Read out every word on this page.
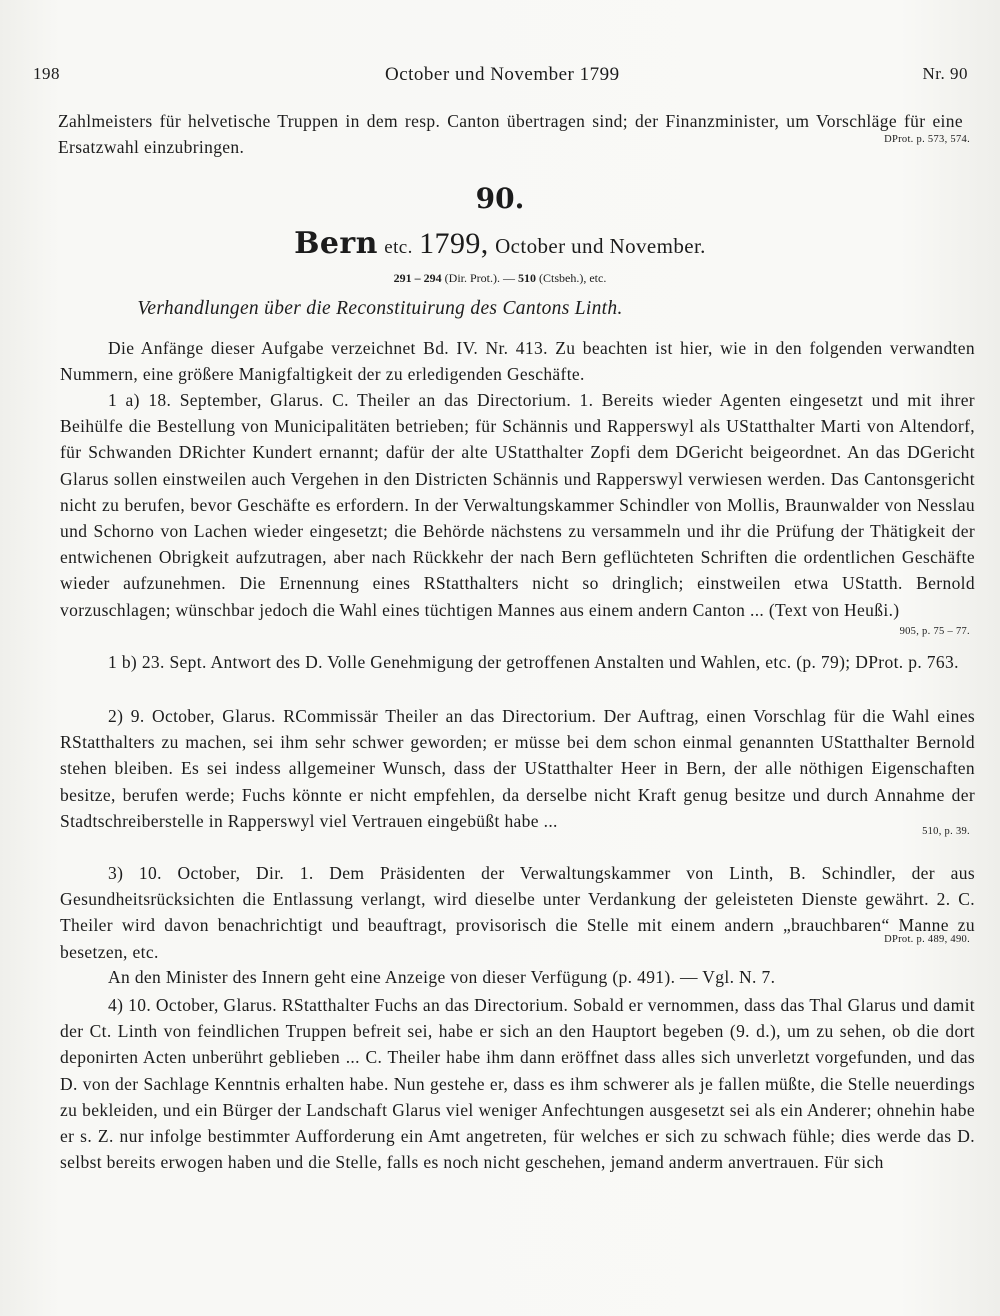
198	October und November 1799	Nr. 90

Zahlmeisters für helvetische Truppen in dem resp. Canton übertragen sind; der Finanzminister, um Vorschläge für eine Ersatzwahl einzubringen.	DProt. p. 573, 574.
90.
Bern etc. 1799, October und November.
291 – 294 (Dir. Prot.). — 510 (Ctsbeh.), etc.
Verhandlungen über die Reconstituirung des Cantons Linth.

Die Anfänge dieser Aufgabe verzeichnet Bd. IV. Nr. 413. Zu beachten ist hier, wie in den folgenden verwandten Nummern, eine größere Manigfaltigkeit der zu erledigenden Geschäfte.

1 a) 18. September, Glarus. C. Theiler an das Directorium. 1. Bereits wieder Agenten eingesetzt und mit ihrer Beihülfe die Bestellung von Municipalitäten betrieben; für Schännis und Rapperswyl als UStatthalter Marti von Altendorf, für Schwanden DRichter Kundert ernannt; dafür der alte UStatthalter Zopfi dem DGericht beigeordnet. An das DGericht Glarus sollen einstweilen auch Vergehen in den Districten Schännis und Rapperswyl verwiesen werden. Das Cantonsgericht nicht zu berufen, bevor Geschäfte es erfordern. In der Verwaltungskammer Schindler von Mollis, Braunwalder von Nesslau und Schorno von Lachen wieder eingesetzt; die Behörde nächstens zu versammeln und ihr die Prüfung der Thätigkeit der entwichenen Obrigkeit aufzutragen, aber nach Rückkehr der nach Bern geflüchteten Schriften die ordentlichen Geschäfte wieder aufzunehmen. Die Ernennung eines RStatthalters nicht so dringlich; einstweilen etwa UStatth. Bernold vorzuschlagen; wünschbar jedoch die Wahl eines tüchtigen Mannes aus einem andern Canton ... (Text von Heußi.)

905, p. 75 – 77.

1 b) 23. Sept. Antwort des D. Volle Genehmigung der getroffenen Anstalten und Wahlen, etc. (p. 79); DProt. p. 763.

2) 9. October, Glarus. RCommissär Theiler an das Directorium. Der Auftrag, einen Vorschlag für die Wahl eines RStatthalters zu machen, sei ihm sehr schwer geworden; er müsse bei dem schon einmal genannten UStatthalter Bernold stehen bleiben. Es sei indess allgemeiner Wunsch, dass der UStatthalter Heer in Bern, der alle nöthigen Eigenschaften besitze, berufen werde; Fuchs könnte er nicht empfehlen, da derselbe nicht Kraft genug besitze und durch Annahme der Stadtschreiberstelle in Rapperswyl viel Vertrauen eingebüßt habe ...

510, p. 39.

3) 10. October, Dir. 1. Dem Präsidenten der Verwaltungskammer von Linth, B. Schindler, der aus Gesundheitsrücksichten die Entlassung verlangt, wird dieselbe unter Verdankung der geleisteten Dienste gewährt. 2. C. Theiler wird davon benachrichtigt und beauftragt, provisorisch die Stelle mit einem andern „brauchbaren“ Manne zu besetzen, etc.

DProt. p. 489, 490.

An den Minister des Innern geht eine Anzeige von dieser Verfügung (p. 491). — Vgl. N. 7.

4) 10. October, Glarus. RStatthalter Fuchs an das Directorium. Sobald er vernommen, dass das Thal Glarus und damit der Ct. Linth von feindlichen Truppen befreit sei, habe er sich an den Hauptort begeben (9. d.), um zu sehen, ob die dort deponirten Acten unberührt geblieben ... C. Theiler habe ihm dann eröffnet dass alles sich unverletzt vorgefunden, und das D. von der Sachlage Kenntnis erhalten habe. Nun gestehe er, dass es ihm schwerer als je fallen müßte, die Stelle neuerdings zu bekleiden, und ein Bürger der Landschaft Glarus viel weniger Anfechtungen ausgesetzt sei als ein Anderer; ohnehin habe er s. Z. nur infolge bestimmter Aufforderung ein Amt angetreten, für welches er sich zu schwach fühle; dies werde das D. selbst bereits erwogen haben und die Stelle, falls es noch nicht geschehen, jemand anderm anvertrauen. Für sich
